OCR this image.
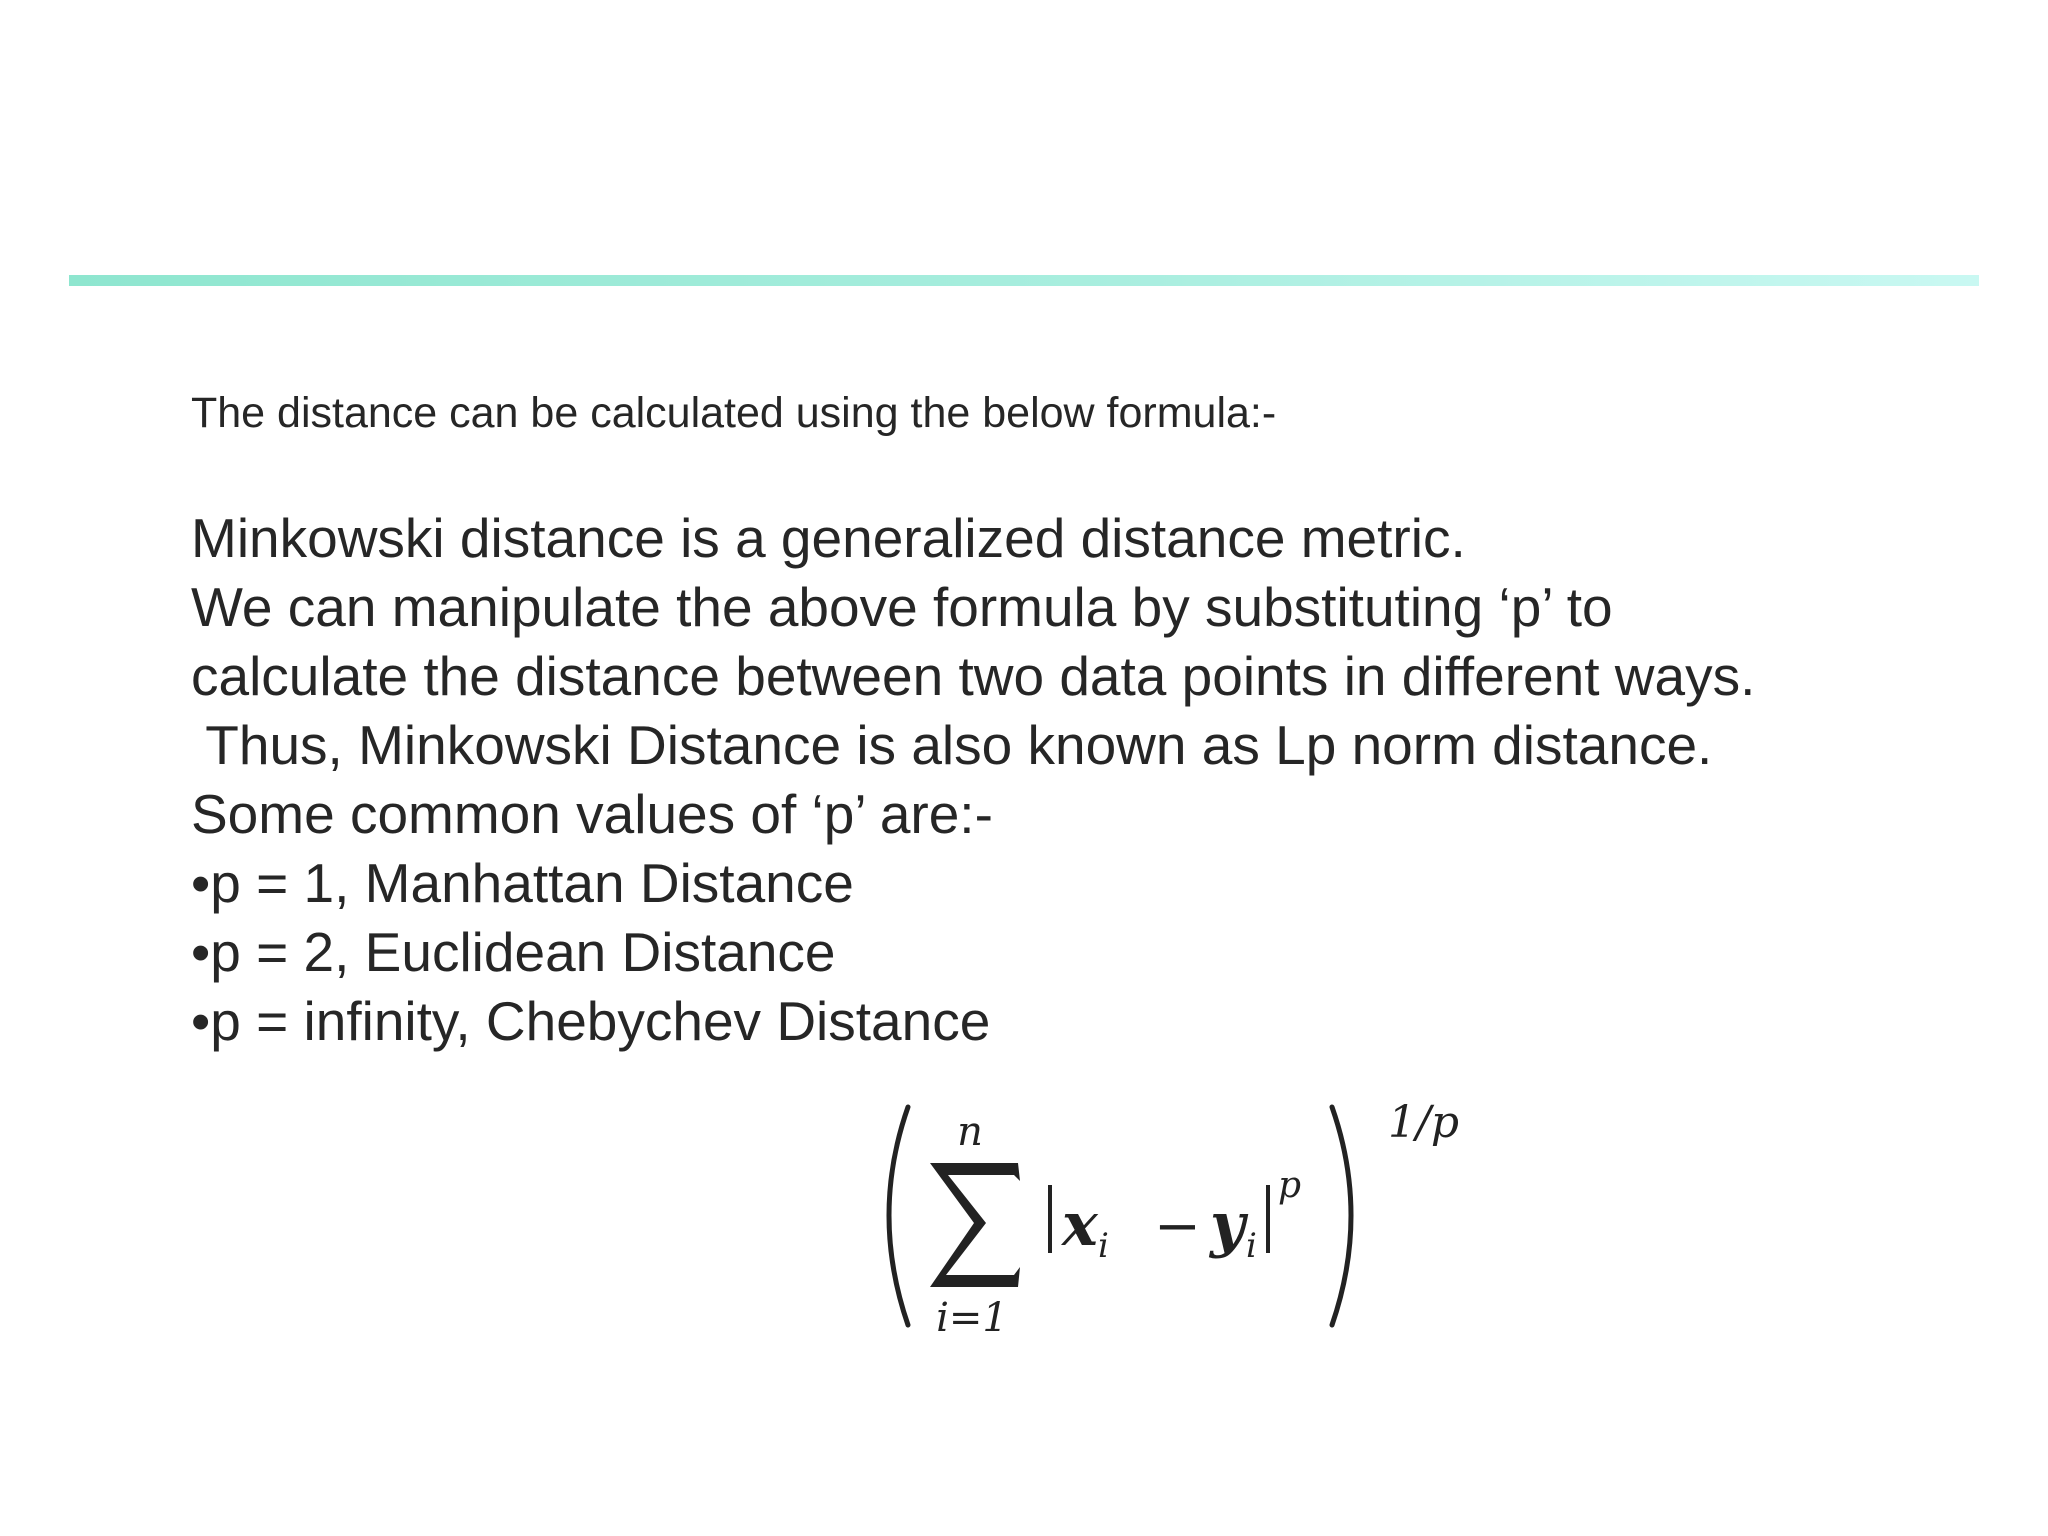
The distance can be calculated using the below formula:-
Minkowski distance is a generalized distance metric.
We can manipulate the above formula by substituting ‘p’ to
calculate the distance between two data points in different ways.
Thus, Minkowski Distance is also known as Lp norm distance.
Some common values of ‘p’ are:-
•p = 1, Manhattan Distance
•p = 2, Euclidean Distance
•p = infinity, Chebychev Distance
n
i=1
x i − y i
p
1/p
